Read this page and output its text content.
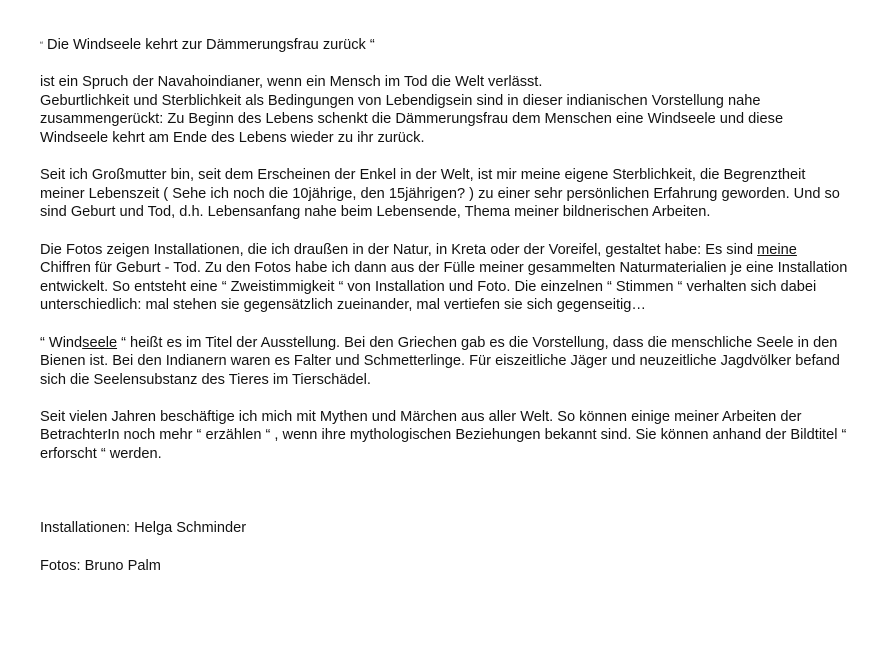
“ Die Windseele kehrt zur Dämmerungsfrau zurück “

ist ein Spruch der Navahoindianer, wenn ein Mensch im Tod die Welt verlässt.

Geburtlichkeit und Sterblichkeit als Bedingungen von Lebendigsein sind in dieser indianischen Vorstellung nahe zusammengerückt: Zu Beginn des Lebens schenkt die Dämmerungsfrau dem Menschen eine Windseele und diese Windseele kehrt am Ende des Lebens wieder zu ihr zurück.

Seit ich Großmutter bin, seit dem Erscheinen der Enkel in der Welt, ist mir meine eigene Sterblichkeit, die Begrenztheit meiner Lebenszeit ( Sehe ich noch die 10jährige, den 15jährigen? ) zu einer sehr persönlichen Erfahrung geworden. Und so sind Geburt und Tod, d.h. Lebensanfang nahe beim Lebensende, Thema meiner bildnerischen Arbeiten.

Die Fotos zeigen Installationen, die ich draußen in der Natur, in Kreta oder der Voreifel, gestaltet habe: Es sind meine Chiffren für Geburt - Tod. Zu den Fotos habe ich dann aus der Fülle meiner gesammelten Naturmaterialien je eine Installation entwickelt. So entsteht eine “ Zweistimmigkeit “ von Installation und Foto. Die einzelnen “ Stimmen “ verhalten sich dabei unterschiedlich: mal stehen sie gegensätzlich zueinander, mal vertiefen sie sich gegenseitig…

“ Windseele “ heißt es im Titel der Ausstellung. Bei den Griechen gab es die Vorstellung, dass die menschliche Seele in den Bienen ist. Bei den Indianern waren es Falter und Schmetterlinge. Für eiszeitliche Jäger und neuzeitliche Jagdvölker befand sich die Seelensubstanz des Tieres im Tierschädel.

Seit vielen Jahren beschäftige ich mich mit Mythen und Märchen aus aller Welt. So können einige meiner Arbeiten der BetrachterIn noch mehr “ erzählen “ , wenn ihre mythologischen Beziehungen bekannt sind. Sie können anhand der Bildtitel “ erforscht “ werden.

Installationen: Helga Schminder

Fotos: Bruno Palm
